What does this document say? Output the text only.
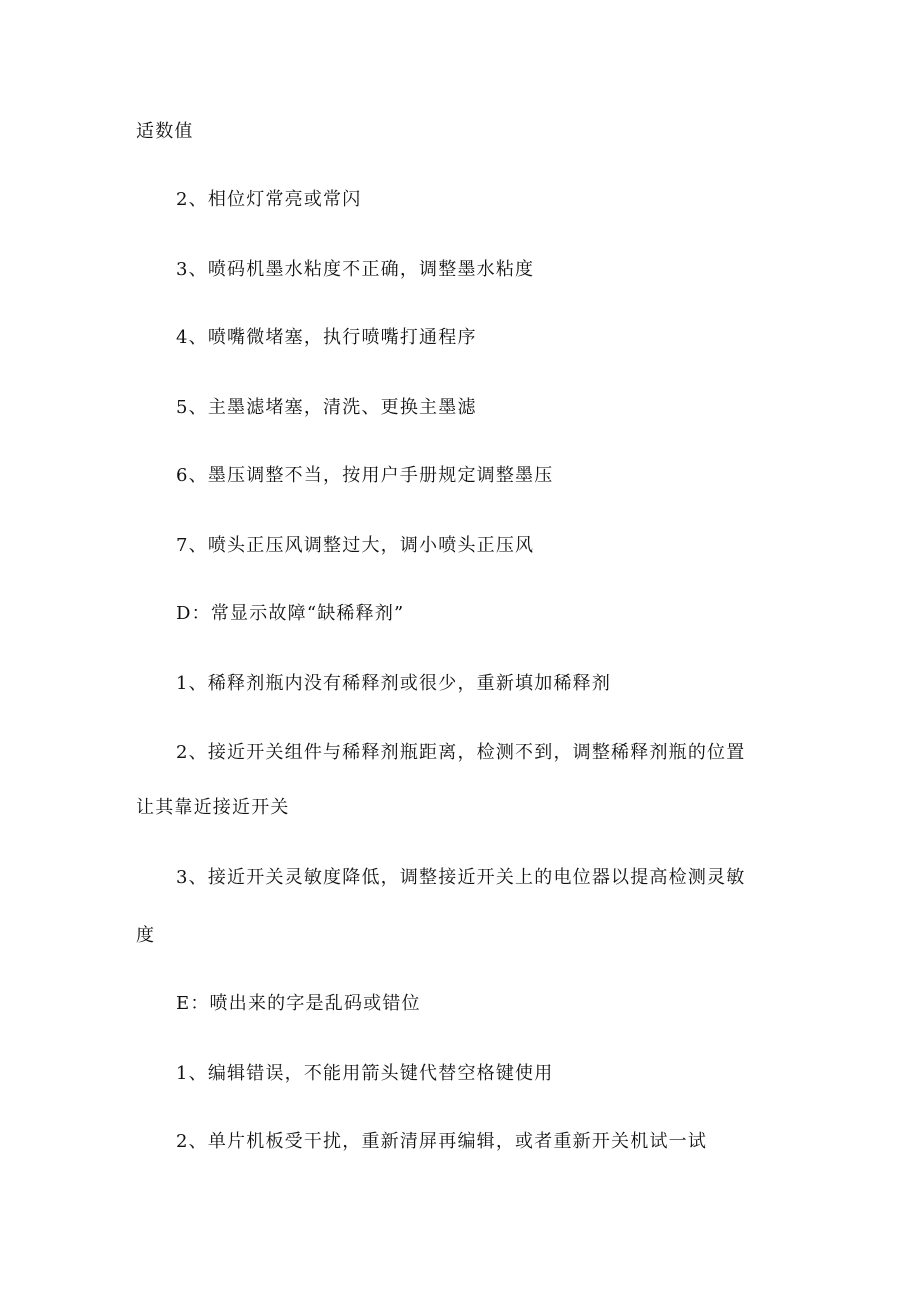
适数值
2、相位灯常亮或常闪
3、喷码机墨水粘度不正确，调整墨水粘度
4、喷嘴微堵塞，执行喷嘴打通程序
5、主墨滤堵塞，清洗、更换主墨滤
6、墨压调整不当，按用户手册规定调整墨压
7、喷头正压风调整过大，调小喷头正压风
D：常显示故障“缺稀释剂”
1、稀释剂瓶内没有稀释剂或很少，重新填加稀释剂
2、接近开关组件与稀释剂瓶距离，检测不到，调整稀释剂瓶的位置
让其靠近接近开关
3、接近开关灵敏度降低，调整接近开关上的电位器以提高检测灵敏
度
E：喷出来的字是乱码或错位
1、编辑错误，不能用箭头键代替空格键使用
2、单片机板受干扰，重新清屏再编辑，或者重新开关机试一试
